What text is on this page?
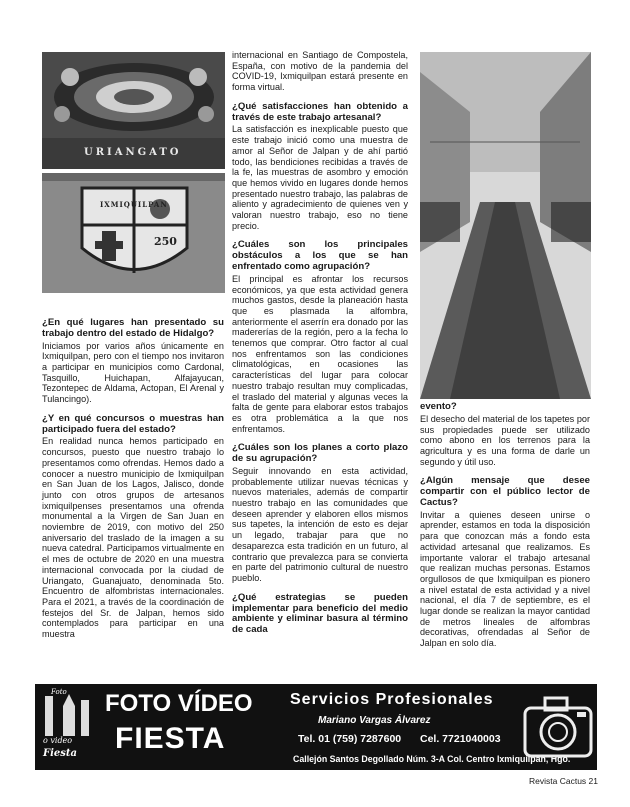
URIANGATO
IXMIQUILPAN
250
¿En qué lugares han presentado su trabajo dentro del estado de Hidalgo?

Iniciamos por varios años únicamente en Ixmiquilpan, pero con el tiempo nos invitaron a participar en municipios como Cardonal, Tasquillo, Huichapan, Alfajayucan, Tezontepec de Aldama, Actopan, El Arenal y Tulancingo).

¿Y en qué concursos o muestras han participado fuera del estado?

En realidad nunca hemos participado en concursos, puesto que nuestro trabajo lo presentamos como ofrendas. Hemos dado a conocer a nuestro municipio de Ixmiquilpan en San Juan de los Lagos, Jalisco, donde junto con otros grupos de artesanos ixmiquilpenses presentamos una ofrenda monumental a la Virgen de San Juan en noviembre de 2019, con motivo del 250 aniversario del traslado de la imagen a su nueva catedral. Participamos virtualmente en el mes de octubre de 2020 en una muestra internacional convocada por la ciudad de Uriangato, Guanajuato, denominada 5to. Encuentro de alfombristas internacionales. Para el 2021, a través de la coordinación de festejos del Sr. de Jalpan, hemos sido contemplados para participar en una muestra

internacional en Santiago de Compostela, España, con motivo de la pandemia del COVID-19, Ixmiquilpan estará presente en forma virtual.

¿Qué satisfacciones han obtenido a través de este trabajo artesanal?

La satisfacción es inexplicable puesto que este trabajo inició como una muestra de amor al Señor de Jalpan y de ahí partió todo, las bendiciones recibidas a través de la fe, las muestras de asombro y emoción que hemos vivido en lugares donde hemos presentado nuestro trabajo, las palabras de aliento y agradecimiento de quienes ven y valoran nuestro trabajo, eso no tiene precio.

¿Cuáles son los principales obstáculos a los que se han enfrentado como agrupación?

El principal es afrontar los recursos económicos, ya que esta actividad genera muchos gastos, desde la planeación hasta que es plasmada la alfombra, anteriormente el aserrín era donado por las madererías de la región, pero a la fecha lo tenemos que comprar. Otro factor al cual nos enfrentamos son las condiciones climatológicas, en ocasiones las características del lugar para colocar nuestro trabajo resultan muy complicadas, el traslado del material y algunas veces la falta de gente para elaborar estos trabajos es otra problemática a la que nos enfrentamos.

¿Cuáles son los planes a corto plazo de su agrupación?

Seguir innovando en esta actividad, probablemente utilizar nuevas técnicas y nuevos materiales, además de compartir nuestro trabajo en las comunidades que deseen aprender y elaboren ellos mismos sus tapetes, la intención de esto es dejar un legado, trabajar para que no desaparezca esta tradición en un futuro, al contrario que prevalezca para se convierta en parte del patrimonio cultural de nuestro pueblo.

¿Qué estrategias se pueden implementar para beneficio del medio ambiente y eliminar basura al término de cada
evento?

El desecho del material de los tapetes por sus propiedades puede ser utilizado como abono en los terrenos para la agricultura y es una forma de darle un segundo y útil uso.

¿Algún mensaje que desee compartir con el público lector de Cactus?

Invitar a quienes deseen unirse o aprender, estamos en toda la disposición para que conozcan más a fondo esta actividad artesanal que realizamos. Es importante valorar el trabajo artesanal que realizan muchas personas. Estamos orgullosos de que Ixmiquilpan es pionero a nivel estatal de esta actividad y a nivel nacional, el día 7 de septiembre, es el lugar donde se realizan la mayor cantidad de metros lineales de alfombras decorativas, ofrendadas al Señor de Jalpan en solo día.

o video
Fiesta
Foto FOTO VÍDEO
FIESTA
Servicios Profesionales
Mariano Vargas Álvarez
Tel. 01 (759) 7287600 Cel. 7721040003
Callejón Santos Degollado Núm. 3-A Col. Centro Ixmiquilpan, Hgo.
Revista Cactus 21
